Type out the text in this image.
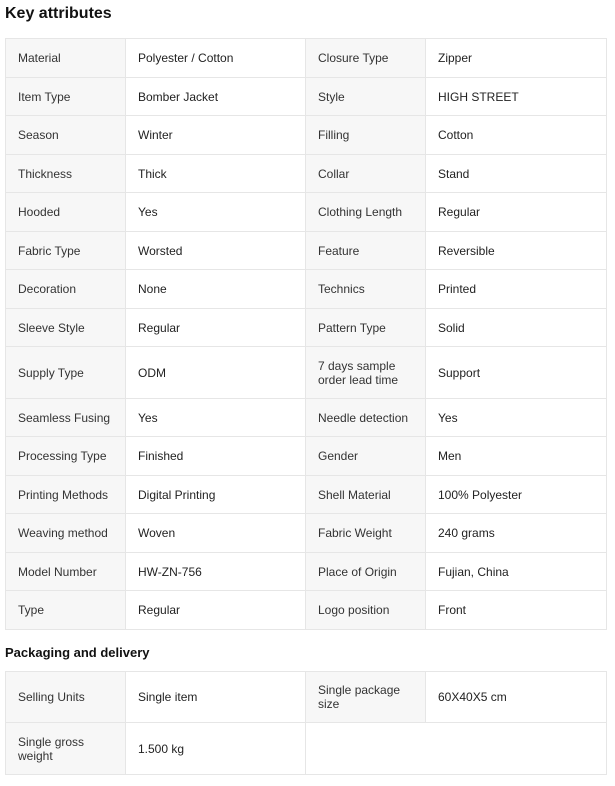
Key attributes
Material	Polyester / Cotton	Closure Type	Zipper
Item Type	Bomber Jacket	Style	HIGH STREET
Season	Winter	Filling	Cotton
Thickness	Thick	Collar	Stand
Hooded	Yes	Clothing Length	Regular
Fabric Type	Worsted	Feature	Reversible
Decoration	None	Technics	Printed
Sleeve Style	Regular	Pattern Type	Solid
Supply Type	ODM	7 days sample order lead time	Support
Seamless Fusing	Yes	Needle detection	Yes
Processing Type	Finished	Gender	Men
Printing Methods	Digital Printing	Shell Material	100% Polyester
Weaving method	Woven	Fabric Weight	240 grams
Model Number	HW-ZN-756	Place of Origin	Fujian, China
Type	Regular	Logo position	Front
Packaging and delivery
Selling Units	Single item	Single package size	60X40X5 cm
Single gross weight	1.500 kg		
